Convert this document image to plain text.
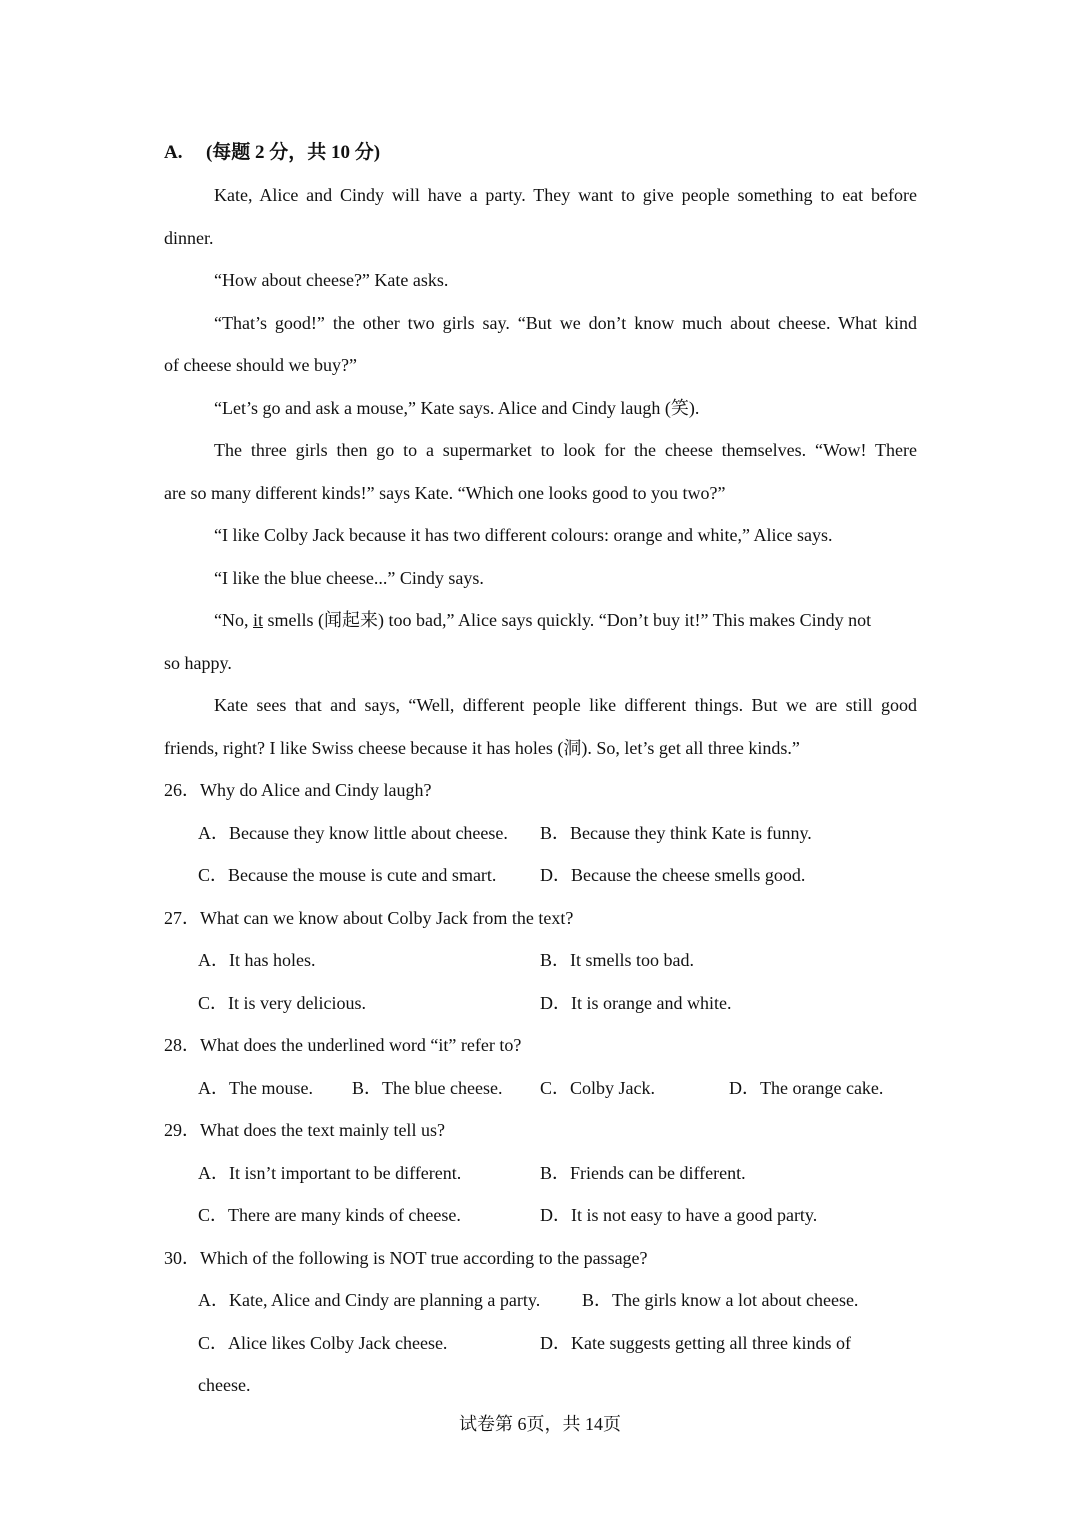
A. (每题 2 分，共 10 分)
Kate, Alice and Cindy will have a party. They want to give people something to eat before
dinner.
“How about cheese?” Kate asks.
“That’s good!” the other two girls say. “But we don’t know much about cheese. What kind
of cheese should we buy?”
“Let’s go and ask a mouse,” Kate says. Alice and Cindy laugh (笑).
The three girls then go to a supermarket to look for the cheese themselves. “Wow! There
are so many different kinds!” says Kate. “Which one looks good to you two?”
“I like Colby Jack because it has two different colours: orange and white,” Alice says.
“I like the blue cheese...” Cindy says.
“No, it smells (闻起来) too bad,” Alice says quickly. “Don’t buy it!” This makes Cindy not
so happy.
Kate sees that and says, “Well, different people like different things. But we are still good
friends, right? I like Swiss cheese because it has holes (洞). So, let’s get all three kinds.”
26．Why do Alice and Cindy laugh?
A．Because they know little about cheese. B．Because they think Kate is funny.
C．Because the mouse is cute and smart. D．Because the cheese smells good.
27．What can we know about Colby Jack from the text?
A．It has holes.	B．It smells too bad.
C．It is very delicious.	D．It is orange and white.
28．What does the underlined word “it” refer to?
A．The mouse. B．The blue cheese. C．Colby Jack.	D．The orange cake.
29．What does the text mainly tell us?
A．It isn’t important to be different.	B．Friends can be different.
C．There are many kinds of cheese.	D．It is not easy to have a good party.
30．Which of the following is NOT true according to the passage?
A．Kate, Alice and Cindy are planning a party. B．The girls know a lot about cheese.
C．Alice likes Colby Jack cheese.	D．Kate suggests getting all three kinds of
cheese.
试卷第 6页，共 14页
